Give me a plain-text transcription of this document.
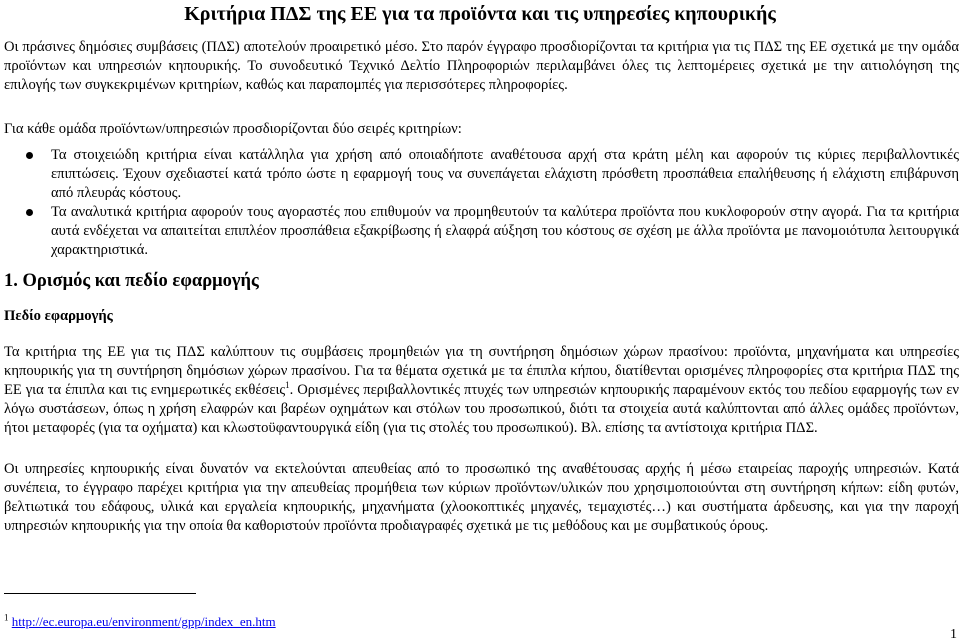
Κριτήρια ΠΔΣ της ΕΕ για τα προϊόντα και τις υπηρεσίες κηπουρικής

Οι πράσινες δημόσιες συμβάσεις (ΠΔΣ) αποτελούν προαιρετικό μέσο. Στο παρόν έγγραφο προσδιορίζονται τα κριτήρια για τις ΠΔΣ της ΕΕ σχετικά με την ομάδα προϊόντων και υπηρεσιών κηπουρικής. Το συνοδευτικό Τεχνικό Δελτίο Πληροφοριών περιλαμβάνει όλες τις λεπτομέρειες σχετικά με την αιτιολόγηση της επιλογής των συγκεκριμένων κριτηρίων, καθώς και παραπομπές για περισσότερες πληροφορίες.

Για κάθε ομάδα προϊόντων/υπηρεσιών προσδιορίζονται δύο σειρές κριτηρίων:

Τα στοιχειώδη κριτήρια είναι κατάλληλα για χρήση από οποιαδήποτε αναθέτουσα αρχή στα κράτη μέλη και αφορούν τις κύριες περιβαλλοντικές επιπτώσεις. Έχουν σχεδιαστεί κατά τρόπο ώστε η εφαρμογή τους να συνεπάγεται ελάχιστη πρόσθετη προσπάθεια επαλήθευσης ή ελάχιστη επιβάρυνση από πλευράς κόστους.
Τα αναλυτικά κριτήρια αφορούν τους αγοραστές που επιθυμούν να προμηθευτούν τα καλύτερα προϊόντα που κυκλοφορούν στην αγορά. Για τα κριτήρια αυτά ενδέχεται να απαιτείται επιπλέον προσπάθεια εξακρίβωσης ή ελαφρά αύξηση του κόστους σε σχέση με άλλα προϊόντα με πανομοιότυπα λειτουργικά χαρακτηριστικά.
1. Ορισμός και πεδίο εφαρμογής

Πεδίο εφαρμογής

Τα κριτήρια της ΕΕ για τις ΠΔΣ καλύπτουν τις συμβάσεις προμηθειών για τη συντήρηση δημόσιων χώρων πρασίνου: προϊόντα, μηχανήματα και υπηρεσίες κηπουρικής για τη συντήρηση δημόσιων χώρων πρασίνου. Για τα θέματα σχετικά με τα έπιπλα κήπου, διατίθενται ορισμένες πληροφορίες στα κριτήρια ΠΔΣ της ΕΕ για τα έπιπλα και τις ενημερωτικές εκθέσεις$^1$. Ορισμένες περιβαλλοντικές πτυχές των υπηρεσιών κηπουρικής παραμένουν εκτός του πεδίου εφαρμογής των εν λόγω συστάσεων, όπως η χρήση ελαφρών και βαρέων οχημάτων και στόλων του προσωπικού, διότι τα στοιχεία αυτά καλύπτονται από άλλες ομάδες προϊόντων, ήτοι μεταφορές (για τα οχήματα) και κλωστοϋφαντουργικά είδη (για τις στολές του προσωπικού). Βλ. επίσης τα αντίστοιχα κριτήρια ΠΔΣ.

Οι υπηρεσίες κηπουρικής είναι δυνατόν να εκτελούνται απευθείας από το προσωπικό της αναθέτουσας αρχής ή μέσω εταιρείας παροχής υπηρεσιών. Κατά συνέπεια, το έγγραφο παρέχει κριτήρια για την απευθείας προμήθεια των κύριων προϊόντων/υλικών που χρησιμοποιούνται στη συντήρηση κήπων: είδη φυτών, βελτιωτικά του εδάφους, υλικά και εργαλεία κηπουρικής, μηχανήματα (χλοοκοπτικές μηχανές, τεμαχιστές…) και συστήματα άρδευσης, και για την παροχή υπηρεσιών κηπουρικής για την οποία θα καθοριστούν προϊόντα προδιαγραφές σχετικά με τις μεθόδους και με συμβατικούς όρους.

$^1$ http://ec.europa.eu/environment/gpp/index_en.htm

1
